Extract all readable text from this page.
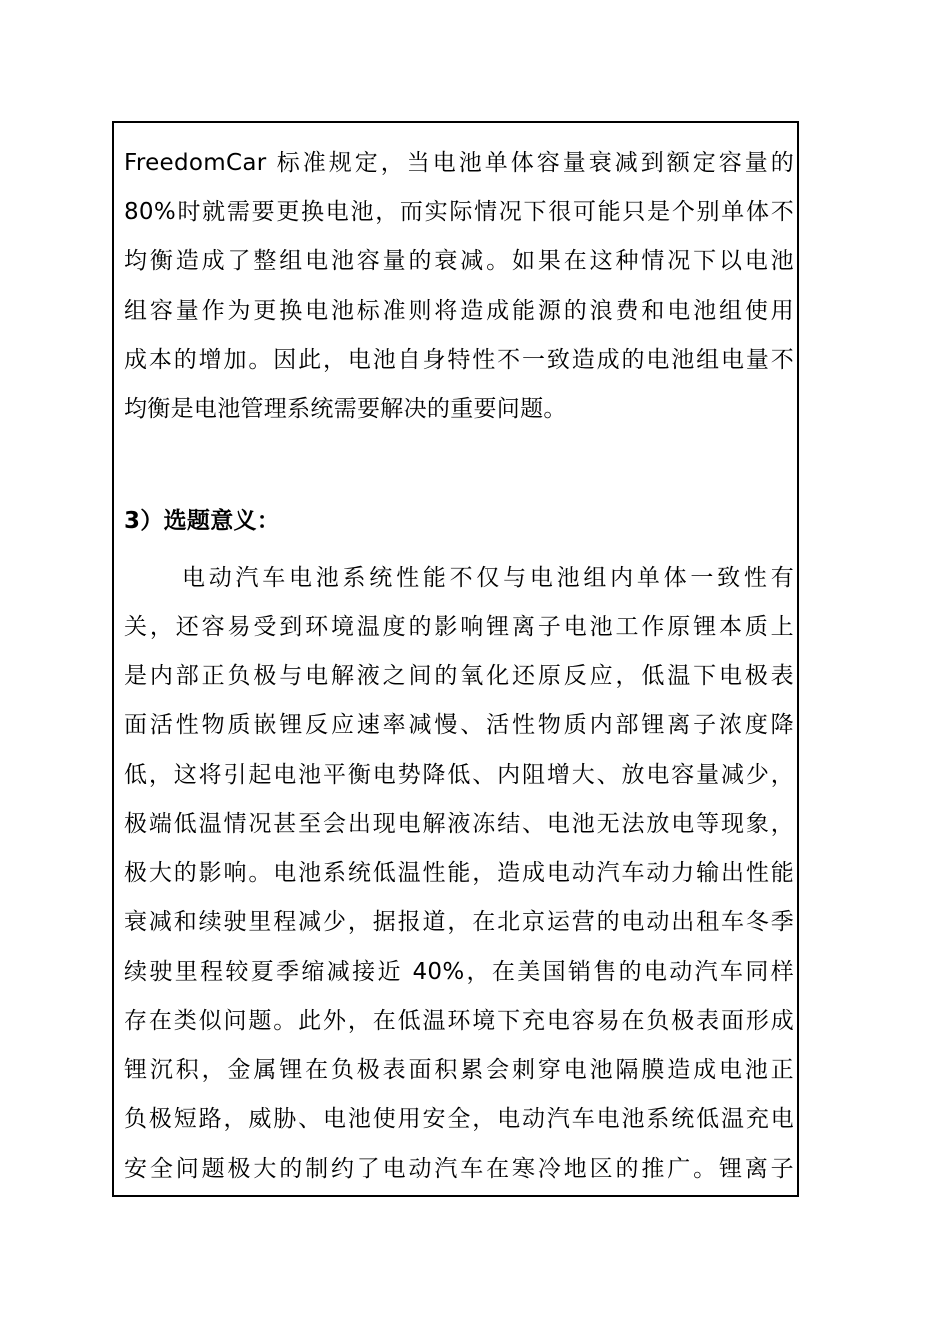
FreedomCar 标准规定，当电池单体容量衰减到额定容量的
80%时就需要更换电池，而实际情况下很可能只是个别单体不
均衡造成了整组电池容量的衰减。如果在这种情况下以电池
组容量作为更换电池标准则将造成能源的浪费和电池组使用
成本的增加。因此，电池自身特性不一致造成的电池组电量不
均衡是电池管理系统需要解决的重要问题。
3）选题意义：
电动汽车电池系统性能不仅与电池组内单体一致性有
关，还容易受到环境温度的影响锂离子电池工作原锂本质上
是内部正负极与电解液之间的氧化还原反应，低温下电极表
面活性物质嵌锂反应速率减慢、活性物质内部锂离子浓度降
低，这将引起电池平衡电势降低、内阻增大、放电容量减少，
极端低温情况甚至会出现电解液冻结、电池无法放电等现象，
极大的影响。电池系统低温性能，造成电动汽车动力输出性能
衰减和续驶里程减少，据报道，在北京运营的电动出租车冬季
续驶里程较夏季缩减接近 40%，在美国销售的电动汽车同样
存在类似问题。此外，在低温环境下充电容易在负极表面形成
锂沉积，金属锂在负极表面积累会刺穿电池隔膜造成电池正
负极短路，威胁、电池使用安全，电动汽车电池系统低温充电
安全问题极大的制约了电动汽车在寒冷地区的推广。锂离子
